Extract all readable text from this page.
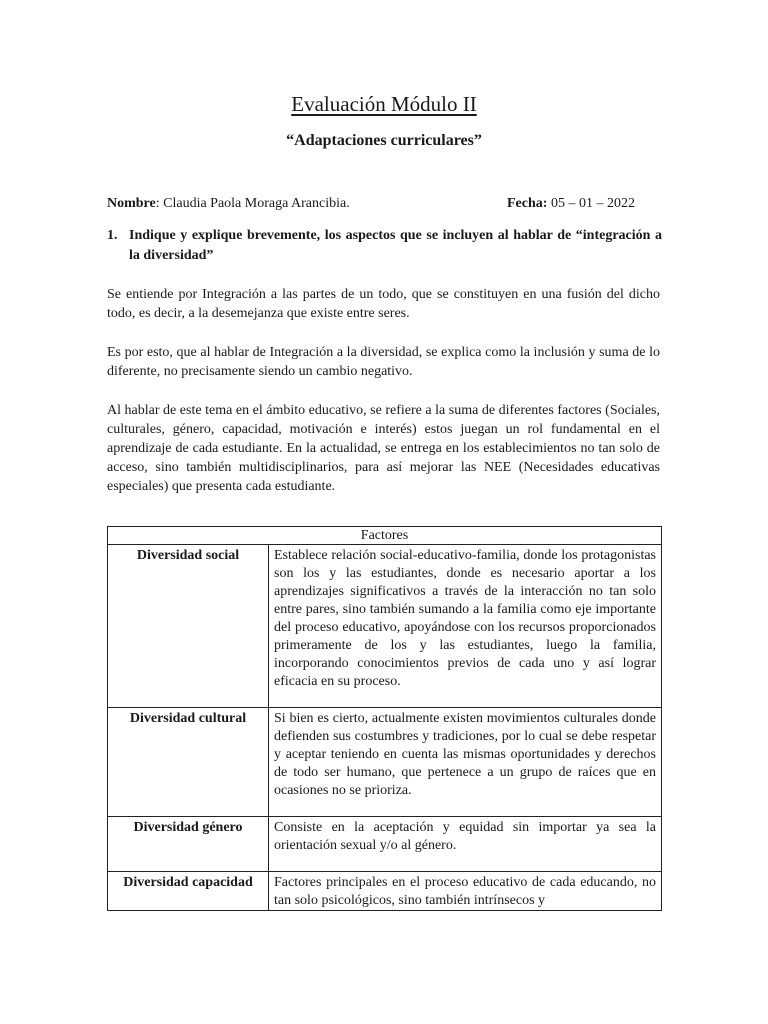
Evaluación Módulo II
“Adaptaciones curriculares”
Nombre: Claudia Paola Moraga Arancibia.	Fecha: 05 – 01 – 2022
1. Indique y explique brevemente, los aspectos que se incluyen al hablar de “integración a la diversidad”

Se entiende por Integración a las partes de un todo, que se constituyen en una fusión del dicho todo, es decir, a la desemejanza que existe entre seres.

Es por esto, que al hablar de Integración a la diversidad, se explica como la inclusión y suma de lo diferente, no precisamente siendo un cambio negativo.

Al hablar de este tema en el ámbito educativo, se refiere a la suma de diferentes factores (Sociales, culturales, género, capacidad, motivación e interés) estos juegan un rol fundamental en el aprendizaje de cada estudiante. En la actualidad, se entrega en los establecimientos no tan solo de acceso, sino también multidisciplinarios, para así mejorar las NEE (Necesidades educativas especiales) que presenta cada estudiante.

Factores	
Diversidad social	Establece relación social-educativo-familia, donde los protagonistas son los y las estudiantes, donde es necesario aportar a los aprendizajes significativos a través de la interacción no tan solo entre pares, sino también sumando a la familia como eje importante del proceso educativo, apoyándose con los recursos proporcionados primeramente de los y las estudiantes, luego la familia, incorporando conocimientos previos de cada uno y así lograr eficacia en su proceso.
Diversidad cultural	Si bien es cierto, actualmente existen movimientos culturales donde defienden sus costumbres y tradiciones, por lo cual se debe respetar y aceptar teniendo en cuenta las mismas oportunidades y derechos de todo ser humano, que pertenece a un grupo de raíces que en ocasiones no se prioriza.
Diversidad género	Consiste en la aceptación y equidad sin importar ya sea la orientación sexual y/o al género.
Diversidad capacidad	Factores principales en el proceso educativo de cada educando, no tan solo psicológicos, sino también intrínsecos y
